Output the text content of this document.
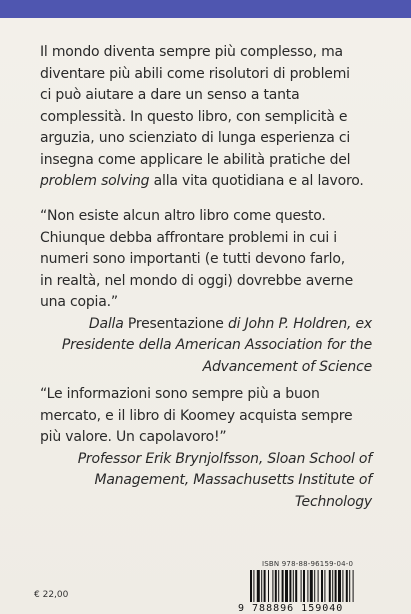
Il mondo diventa sempre più complesso, ma
diventare più abili come risolutori di problemi
ci può aiutare a dare un senso a tanta
complessità. In questo libro, con semplicità e
arguzia, uno scienziato di lunga esperienza ci
insegna come applicare le abilità pratiche del
problem solving alla vita quotidiana e al lavoro.
“Non esiste alcun altro libro come questo.
Chiunque debba affrontare problemi in cui i
numeri sono importanti (e tutti devono farlo,
in realtà, nel mondo di oggi) dovrebbe averne
una copia.”
Dalla Presentazione di John P. Holdren, ex
Presidente della American Association for the
Advancement of Science
“Le informazioni sono sempre più a buon
mercato, e il libro di Koomey acquista sempre
più valore. Un capolavoro!”
Professor Erik Brynjolfsson, Sloan School of
Management, Massachusetts Institute of
Technology
€ 22,00
ISBN 978-88-96159-04-0
9 788896 159040
